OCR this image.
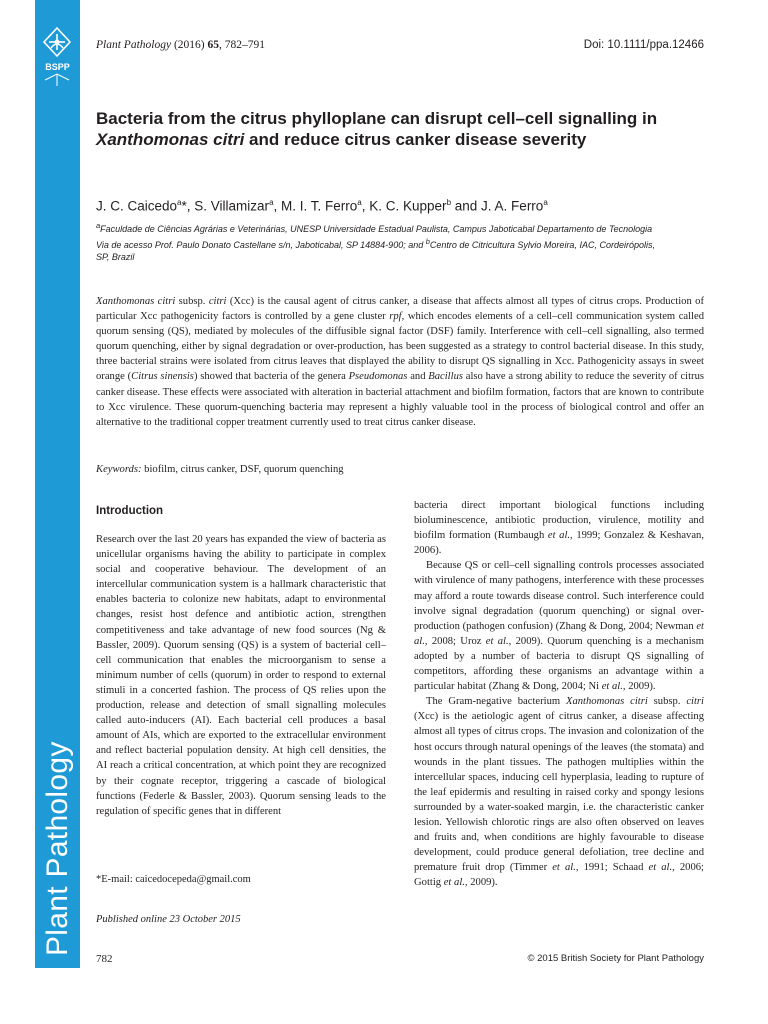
BSPP
Plant Pathology
Plant Pathology (2016) 65, 782–791	Doi: 10.1111/ppa.12466
Bacteria from the citrus phylloplane can disrupt cell–cell signalling in Xanthomonas citri and reduce citrus canker disease severity
J. C. Caicedo$^a$*, S. Villamizar$^a$, M. I. T. Ferro$^a$, K. C. Kupper$^b$ and J. A. Ferro$^a$
$^a$Faculdade de Ciências Agrárias e Veterinárias, UNESP Universidade Estadual Paulista, Campus Jaboticabal Departamento de Tecnologia Via de acesso Prof. Paulo Donato Castellane s/n, Jaboticabal, SP 14884-900; and $^b$Centro de Citricultura Sylvio Moreira, IAC, Cordeirópolis, SP, Brazil

Xanthomonas citri subsp. citri (Xcc) is the causal agent of citrus canker, a disease that affects almost all types of citrus crops. Production of particular Xcc pathogenicity factors is controlled by a gene cluster rpf, which encodes elements of a cell–cell communication system called quorum sensing (QS), mediated by molecules of the diffusible signal factor (DSF) family. Interference with cell–cell signalling, also termed quorum quenching, either by signal degradation or over-production, has been suggested as a strategy to control bacterial disease. In this study, three bacterial strains were isolated from citrus leaves that displayed the ability to disrupt QS signalling in Xcc. Pathogenicity assays in sweet orange (Citrus sinensis) showed that bacteria of the genera Pseudomonas and Bacillus also have a strong ability to reduce the severity of citrus canker disease. These effects were associated with alteration in bacterial attachment and biofilm formation, factors that are known to contribute to Xcc virulence. These quorum-quenching bacteria may represent a highly valuable tool in the process of biological control and offer an alternative to the traditional copper treatment currently used to treat citrus canker disease.

Keywords: biofilm, citrus canker, DSF, quorum quenching
Introduction

Research over the last 20 years has expanded the view of bacteria as unicellular organisms having the ability to participate in complex social and cooperative behaviour. The development of an intercellular communication system is a hallmark characteristic that enables bacteria to colonize new habitats, adapt to environmental changes, resist host defence and antibiotic action, strengthen competitiveness and take advantage of new food sources (Ng & Bassler, 2009). Quorum sensing (QS) is a system of bacterial cell–cell communication that enables the microorganism to sense a minimum number of cells (quorum) in order to respond to external stimuli in a concerted fashion. The process of QS relies upon the production, release and detection of small signalling molecules called auto-inducers (AI). Each bacterial cell produces a basal amount of AIs, which are exported to the extracellular environment and reflect bacterial population density. At high cell densities, the AI reach a critical concentration, at which point they are recognized by their cognate receptor, triggering a cascade of biological functions (Federle & Bassler, 2003). Quorum sensing leads to the regulation of specific genes that in different

bacteria direct important biological functions including bioluminescence, antibiotic production, virulence, motility and biofilm formation (Rumbaugh et al., 1999; Gonzalez & Keshavan, 2006).

Because QS or cell–cell signalling controls processes associated with virulence of many pathogens, interference with these processes may afford a route towards disease control. Such interference could involve signal degradation (quorum quenching) or signal over-production (pathogen confusion) (Zhang & Dong, 2004; Newman et al., 2008; Uroz et al., 2009). Quorum quenching is a mechanism adopted by a number of bacteria to disrupt QS signalling of competitors, affording these organisms an advantage within a particular habitat (Zhang & Dong, 2004; Ni et al., 2009).

The Gram-negative bacterium Xanthomonas citri subsp. citri (Xcc) is the aetiologic agent of citrus canker, a disease affecting almost all types of citrus crops. The invasion and colonization of the host occurs through natural openings of the leaves (the stomata) and wounds in the plant tissues. The pathogen multiplies within the intercellular spaces, inducing cell hyperplasia, leading to rupture of the leaf epidermis and resulting in raised corky and spongy lesions surrounded by a water-soaked margin, i.e. the characteristic canker lesion. Yellowish chlorotic rings are also often observed on leaves and fruits and, when conditions are highly favourable to disease development, could produce general defoliation, tree decline and premature fruit drop (Timmer et al., 1991; Schaad et al., 2006; Gottig et al., 2009).

*E-mail: caicedocepeda@gmail.com
Published online 23 October 2015
782	© 2015 British Society for Plant Pathology
